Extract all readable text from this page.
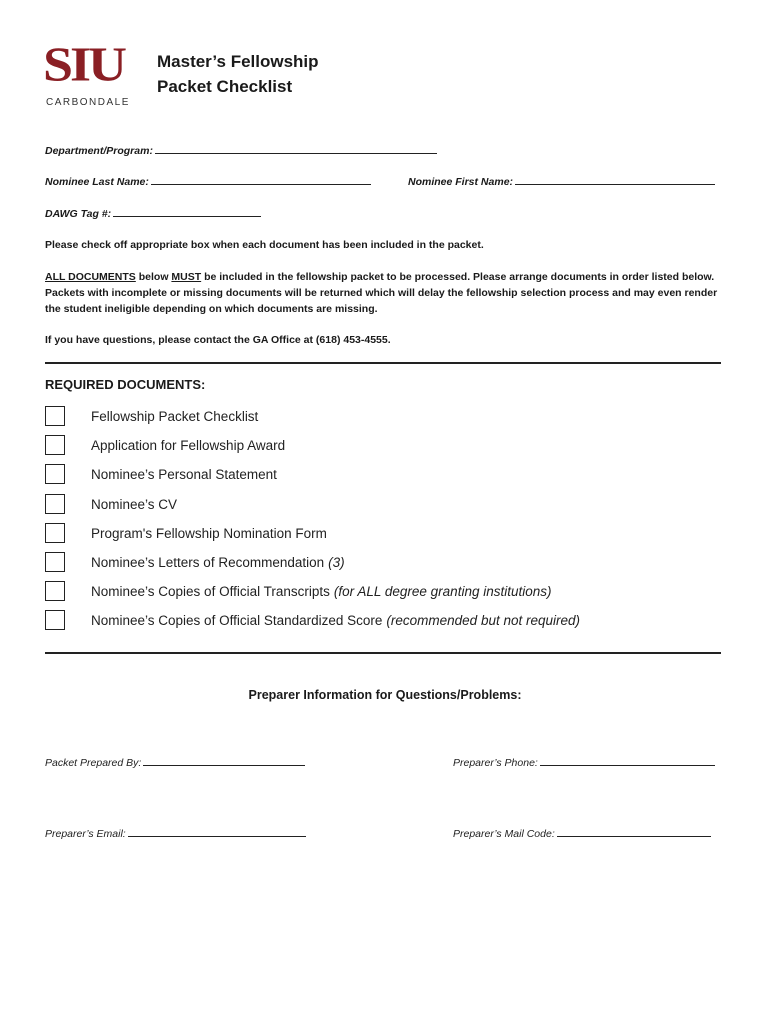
SIU
CARBONDALE
Master’s Fellowship
Packet Checklist
Department/Program:
Nominee Last Name:	Nominee First Name:
DAWG Tag #:
Please check off appropriate box when each document has been included in the packet.
ALL DOCUMENTS below MUST be included in the fellowship packet to be processed. Please arrange documents in order listed below. Packets with incomplete or missing documents will be returned which will delay the fellowship selection process and may even render the student ineligible depending on which documents are missing.
If you have questions, please contact the GA Office at (618) 453-4555.
REQUIRED DOCUMENTS:
Fellowship Packet Checklist
Application for Fellowship Award
Nominee’s Personal Statement
Nominee’s CV
Program's Fellowship Nomination Form
Nominee’s Letters of Recommendation (3)
Nominee’s Copies of Official Transcripts (for ALL degree granting institutions)
Nominee’s Copies of Official Standardized Score (recommended but not required)
Preparer Information for Questions/Problems:
Packet Prepared By:	Preparer’s Phone:
Preparer’s Email:	Preparer’s Mail Code:
